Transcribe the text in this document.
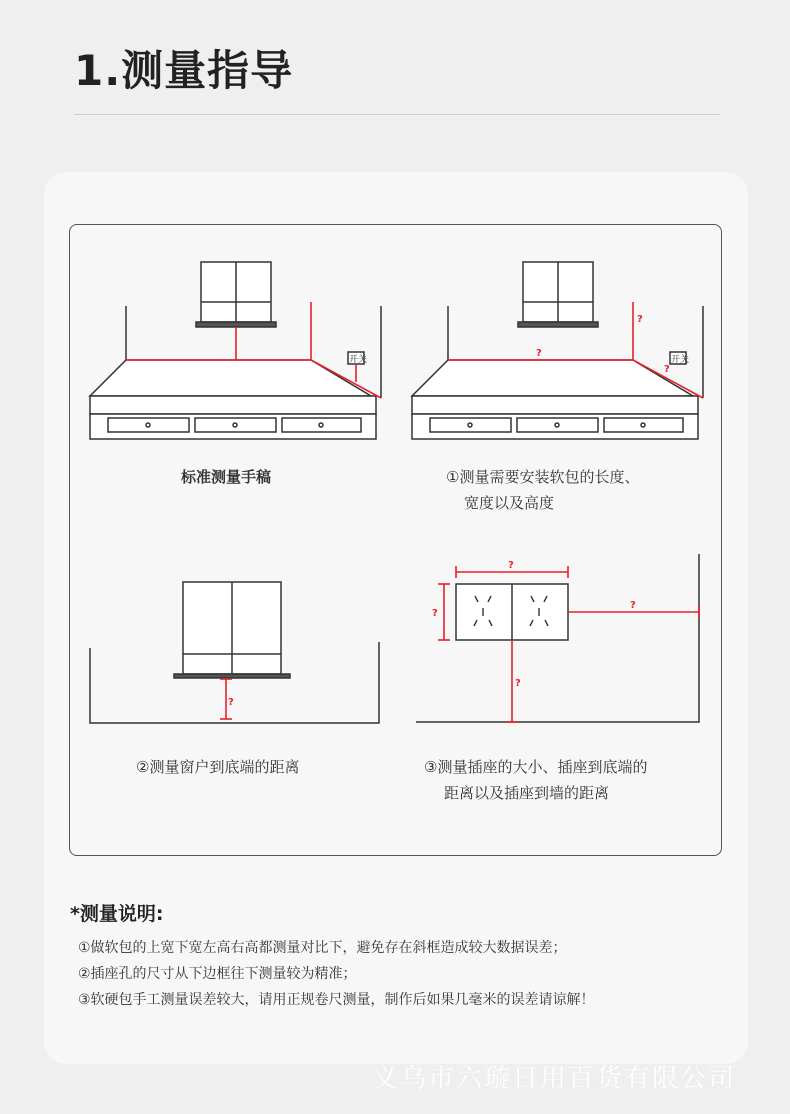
1.测量指导
开关
标准测量手稿
开关
?
?
?
①测量需要安装软包的长度、
宽度以及高度
?
②测量窗户到底端的距离
?
?
?
?
③测量插座的大小、插座到底端的
距离以及插座到墙的距离
*测量说明:
①做软包的上宽下宽左高右高都测量对比下，避免存在斜框造成较大数据误差；
②插座孔的尺寸从下边框往下测量较为精准；
③软硬包手工测量误差较大，请用正规卷尺测量，制作后如果几毫米的误差请谅解！
义乌市六璇日用百货有限公司
